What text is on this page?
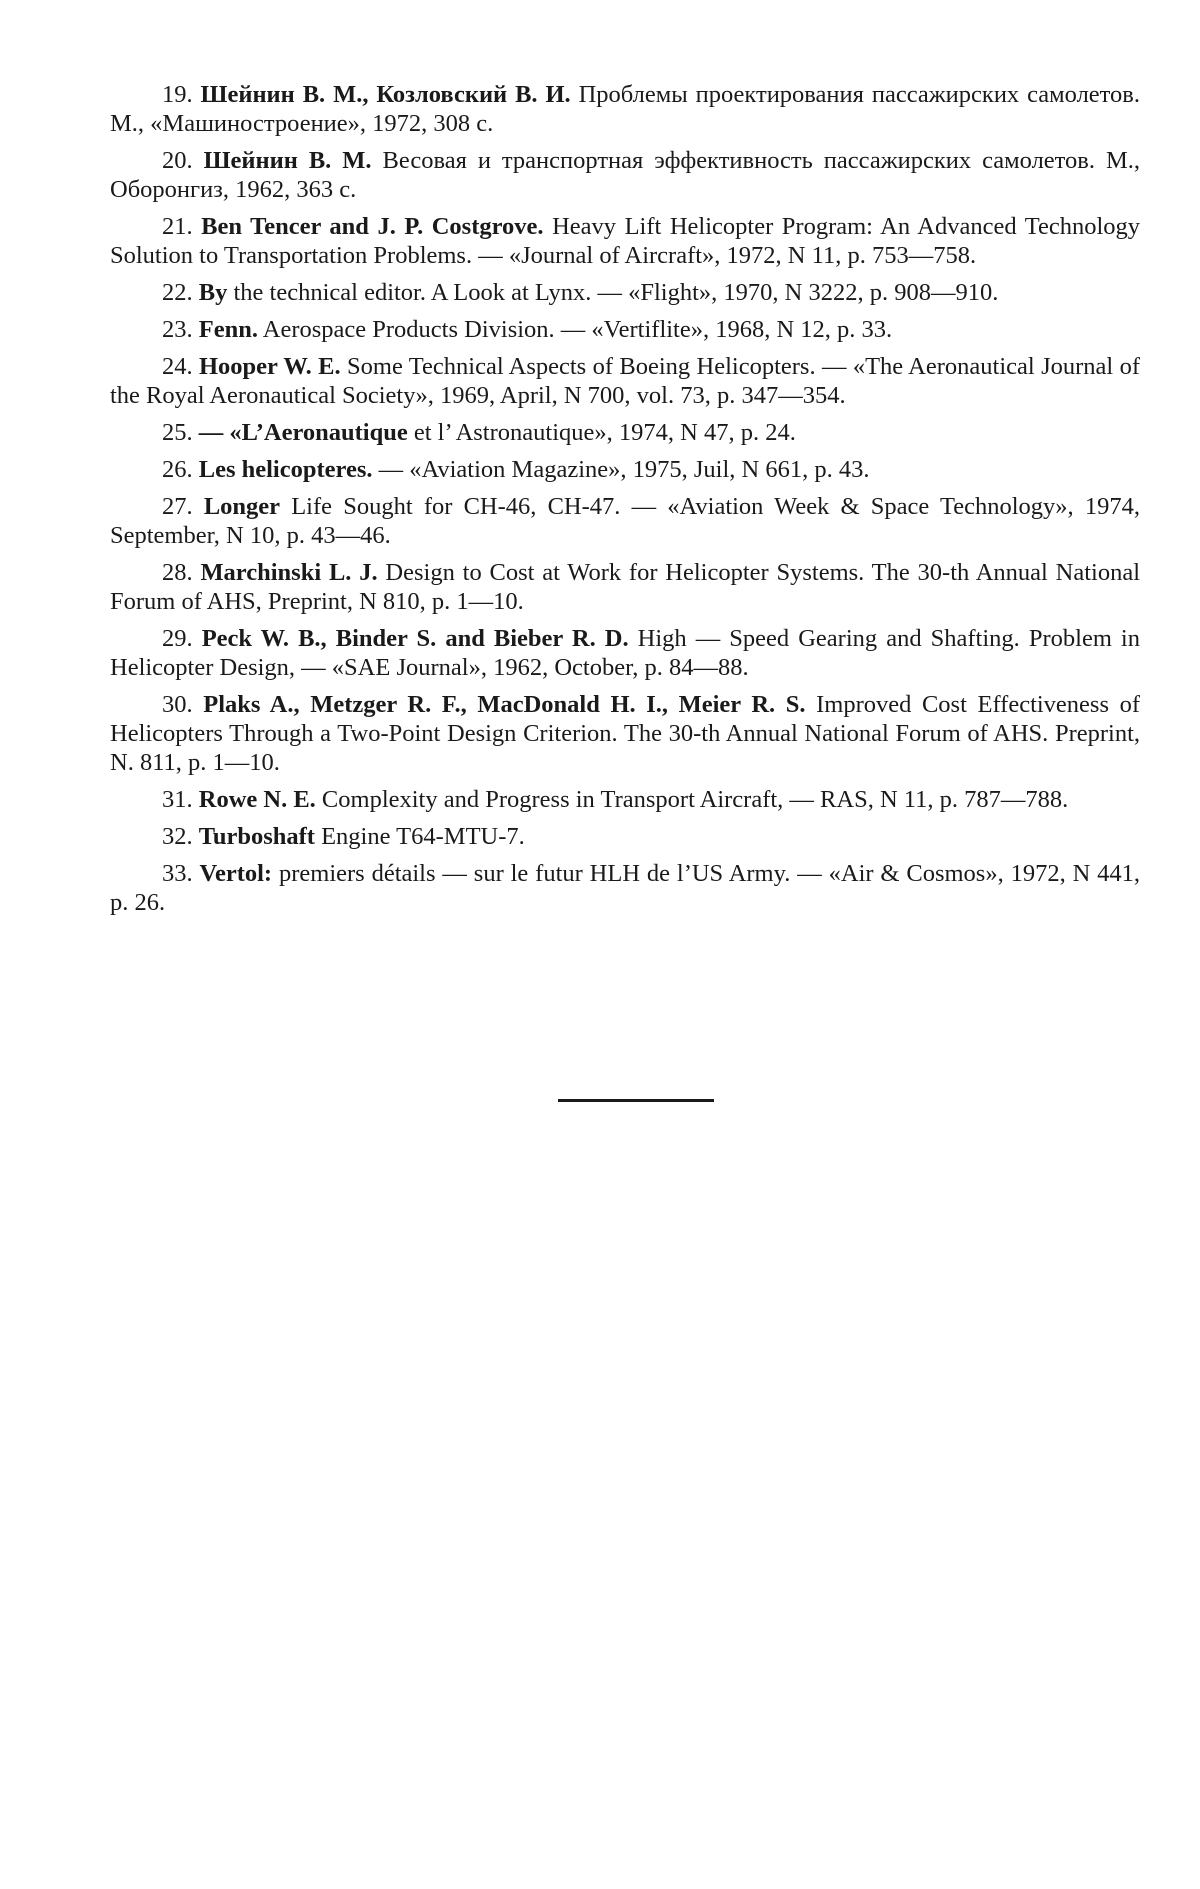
19. Шейнин В. М., Козловский В. И. Проблемы проектирования пассажирских самолетов. М., «Машиностроение», 1972, 308 с.

20. Шейнин В. М. Весовая и транспортная эффективность пассажирских самолетов. М., Оборонгиз, 1962, 363 с.

21. Ben Tencer and J. P. Costgrove. Heavy Lift Helicopter Program: An Advanced Technology Solution to Transportation Problems. — «Journal of Aircraft», 1972, N 11, p. 753—758.

22. By the technical editor. A Look at Lynx. — «Flight», 1970, N 3222, p. 908—910.

23. Fenn. Aerospace Products Division. — «Vertiflite», 1968, N 12, p. 33.

24. Hooper W. E. Some Technical Aspects of Boeing Helicopters. — «The Aeronautical Journal of the Royal Aeronautical Society», 1969, April, N 700, vol. 73, p. 347—354.

25. — «L’Aeronautique et l’ Astronautique», 1974, N 47, p. 24.

26. Les helicopteres. — «Aviation Magazine», 1975, Juil, N 661, p. 43.

27. Longer Life Sought for CH-46, CH-47. — «Aviation Week & Space Technology», 1974, September, N 10, p. 43—46.

28. Marchinski L. J. Design to Cost at Work for Helicopter Systems. The 30-th Annual National Forum of AHS, Preprint, N 810, p. 1—10.

29. Peck W. B., Binder S. and Bieber R. D. High — Speed Gearing and Shafting. Problem in Helicopter Design, — «SAE Journal», 1962, October, p. 84—88.

30. Plaks A., Metzger R. F., MacDonald H. I., Meier R. S. Improved Cost Effectiveness of Helicopters Through a Two-Point Design Criterion. The 30-th Annual National Forum of AHS. Preprint, N. 811, p. 1—10.

31. Rowe N. E. Complexity and Progress in Transport Aircraft, — RAS, N 11, p. 787—788.

32. Turboshaft Engine T64-MTU-7.

33. Vertol: premiers détails — sur le futur HLH de l’US Army. — «Air & Cosmos», 1972, N 441, p. 26.
